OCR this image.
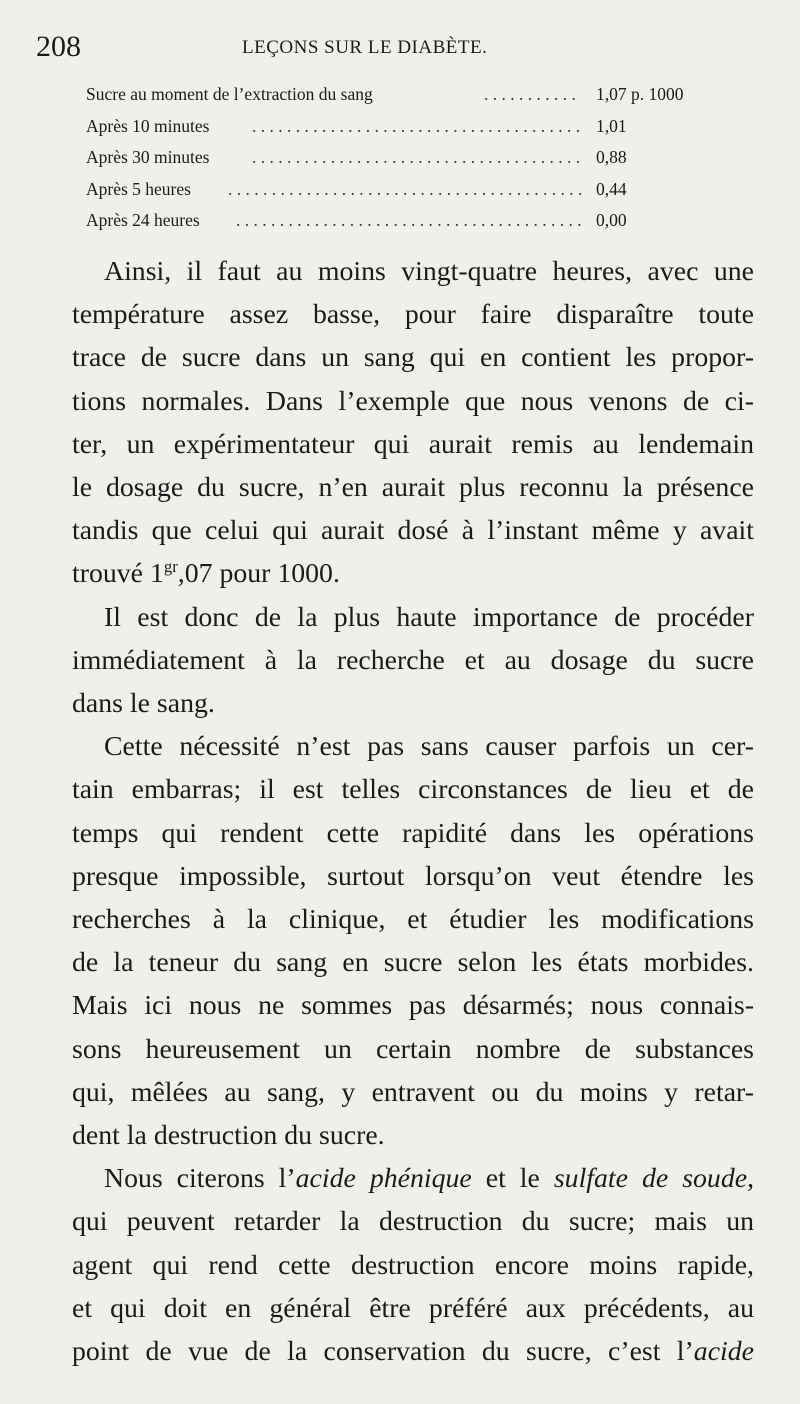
208	LEÇONS SUR LE DIABÈTE.
Sucre au moment de l’extraction du sang	. . . . . . . . . . .	1,07 p. 1000
Après 10 minutes . . . . . . . . . . . . . . . . . . . . . . . . . . . . . . . . . . . . . . 1,01
Après 30 minutes . . . . . . . . . . . . . . . . . . . . . . . . . . . . . . . . . . . . . . 0,88
Après 5 heures . . . . . . . . . . . . . . . . . . . . . . . . . . . . . . . . . . . . . . . . . 0,44
Après 24 heures . . . . . . . . . . . . . . . . . . . . . . . . . . . . . . . . . . . . . . . . 0,00
Ainsi, il faut au moins vingt-quatre heures, avec une
température assez basse, pour faire disparaître toute
trace de sucre dans un sang qui en contient les propor-
tions normales. Dans l’exemple que nous venons de ci-
ter, un expérimentateur qui aurait remis au lendemain
le dosage du sucre, n’en aurait plus reconnu la présence
tandis que celui qui aurait dosé à l’instant même y avait
trouvé $1^{gr},07$ pour 1000.
Il est donc de la plus haute importance de procéder
immédiatement à la recherche et au dosage du sucre
dans le sang.
Cette nécessité n’est pas sans causer parfois un cer-
tain embarras; il est telles circonstances de lieu et de
temps qui rendent cette rapidité dans les opérations
presque impossible, surtout lorsqu’on veut étendre les
recherches à la clinique, et étudier les modifications
de la teneur du sang en sucre selon les états morbides.
Mais ici nous ne sommes pas désarmés; nous connais-
sons heureusement un certain nombre de substances
qui, mêlées au sang, y entravent ou du moins y retar-
dent la destruction du sucre.
Nous citerons l’acide phénique et le sulfate de soude,
qui peuvent retarder la destruction du sucre; mais un
agent qui rend cette destruction encore moins rapide,
et qui doit en général être préféré aux précédents, au
point de vue de la conservation du sucre, c’est l’acide
